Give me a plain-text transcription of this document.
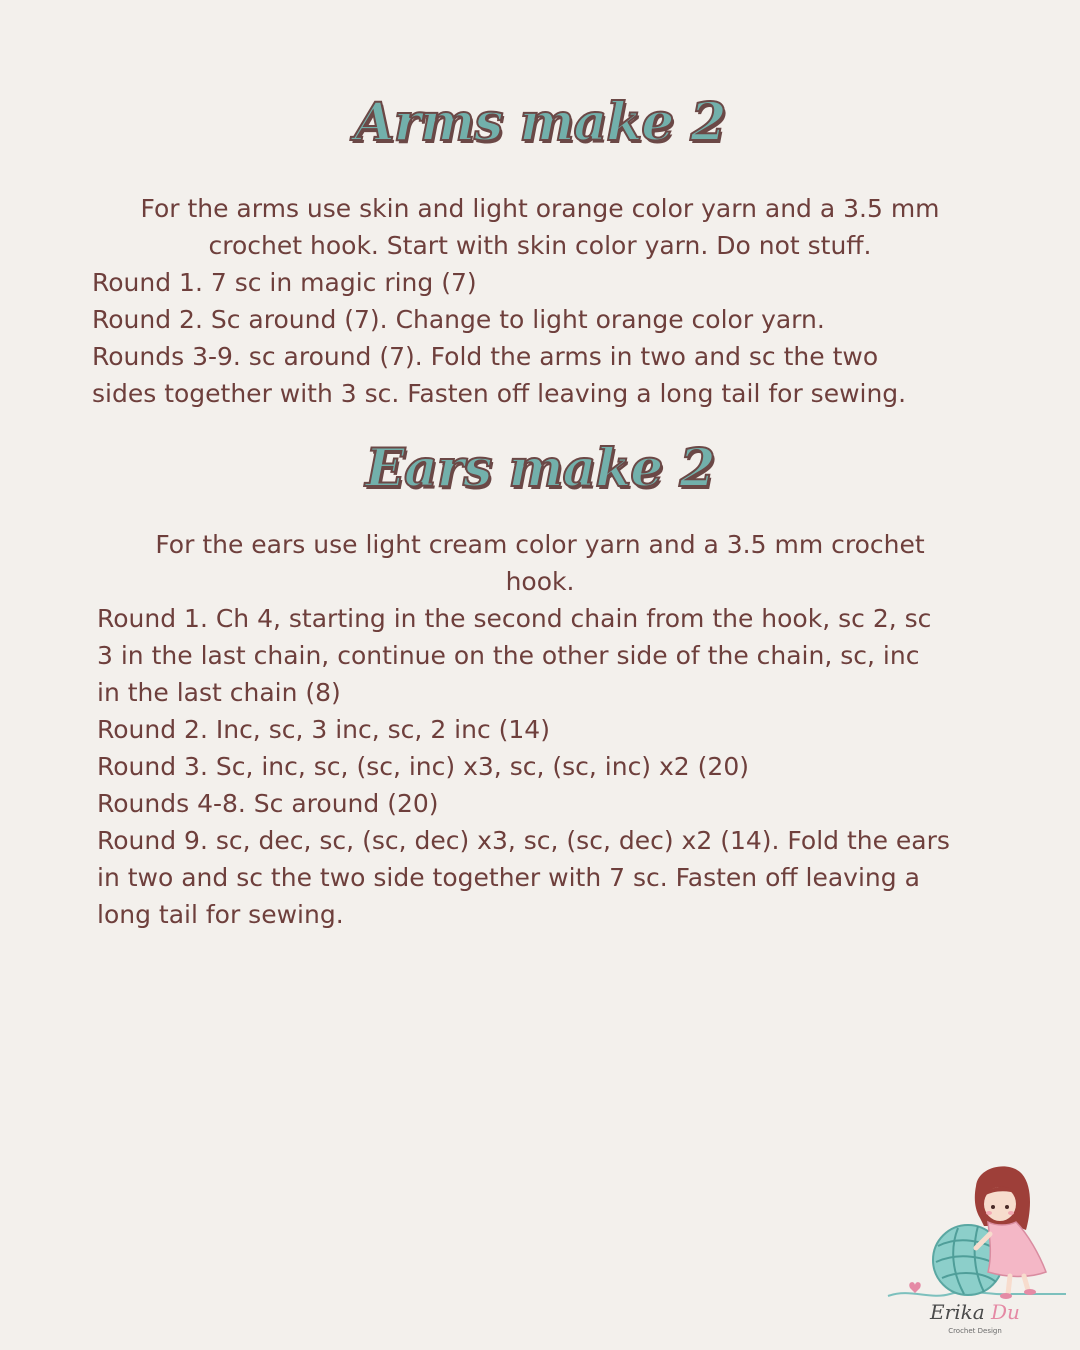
Arms make 2
For the arms use skin and light orange color yarn and a 3.5 mm crochet hook. Start with skin color yarn. Do not stuff.
Round 1. 7 sc in magic ring (7)
Round 2. Sc around (7). Change to light orange color yarn.
Rounds 3-9. sc around (7). Fold the arms in two and sc the two
sides together with 3 sc. Fasten off leaving a long tail for sewing.
Ears make 2
For the ears use light cream color yarn and a 3.5 mm crochet hook.
Round 1. Ch 4, starting in the second chain from the hook, sc 2, sc
3 in the last chain, continue on the other side of the chain, sc, inc
in the last chain (8)
Round 2. Inc, sc, 3 inc, sc, 2 inc (14)
Round 3. Sc, inc, sc, (sc, inc) x3, sc, (sc, inc) x2 (20)
Rounds 4-8. Sc around (20)
Round 9. sc, dec, sc, (sc, dec) x3, sc, (sc, dec) x2 (14). Fold the ears
in two and sc the two side together with 7 sc. Fasten off leaving a
long tail for sewing.
Erika Du
Crochet Design
